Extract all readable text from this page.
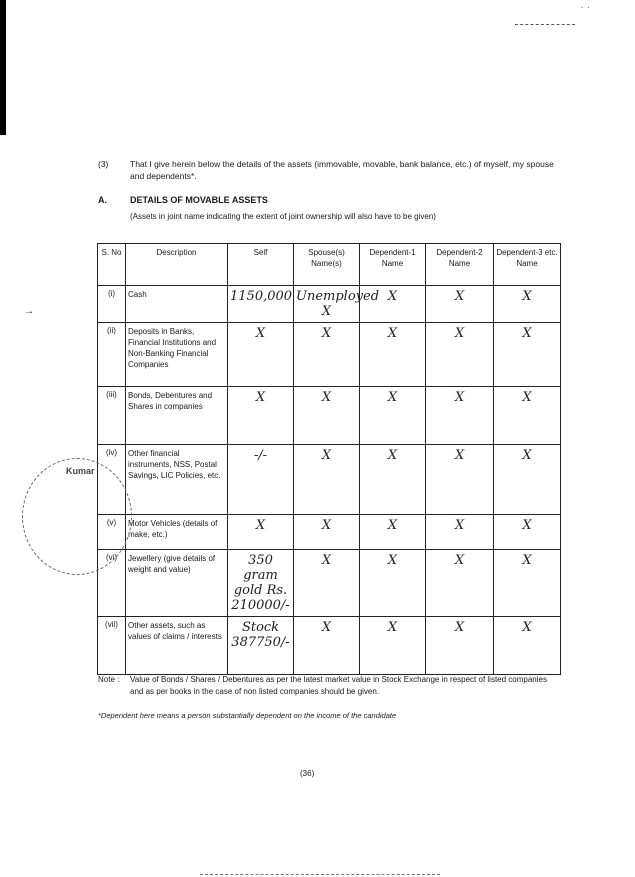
· ·
(3)	That I give herein below the details of the assets (immovable, movable, bank balance, etc.) of myself, my spouse and dependents*.
A.	DETAILS OF MOVABLE ASSETS
(Assets in joint name indicating the extent of joint ownership will also have to be given)
S. No	Description	Self	Spouse(s) Name(s)	Dependent-1 Name	Dependent-2 Name	Dependent-3 etc. Name
(i)	Cash	1150,000	Unemployed X	X	X	X
(ii)	Deposits in Banks, Financial Institutions and Non-Banking Financial Companies	X	X	X	X	X
(iii)	Bonds, Debentures and Shares in companies	X	X	X	X	X
(iv)	Other financial instruments, NSS, Postal Savings, LIC Policies, etc.	-/-	X	X	X	X
(v)	Motor Vehicles (details of make, etc.)	X	X	X	X	X
(vi)	Jewellery (give details of weight and value)	350 gram gold Rs. 210000/-	X	X	X	X
(vii)	Other assets, such as values of claims / interests	Stock 387750/-	X	X	X	X
Kumar
→
Note : Value of Bonds / Shares / Debentures as per the latest market value in Stock Exchange in respect of listed companies and as per books in the case of non listed companies should be given.
*Dependent here means a person substantially dependent on the income of the candidate
(36)
